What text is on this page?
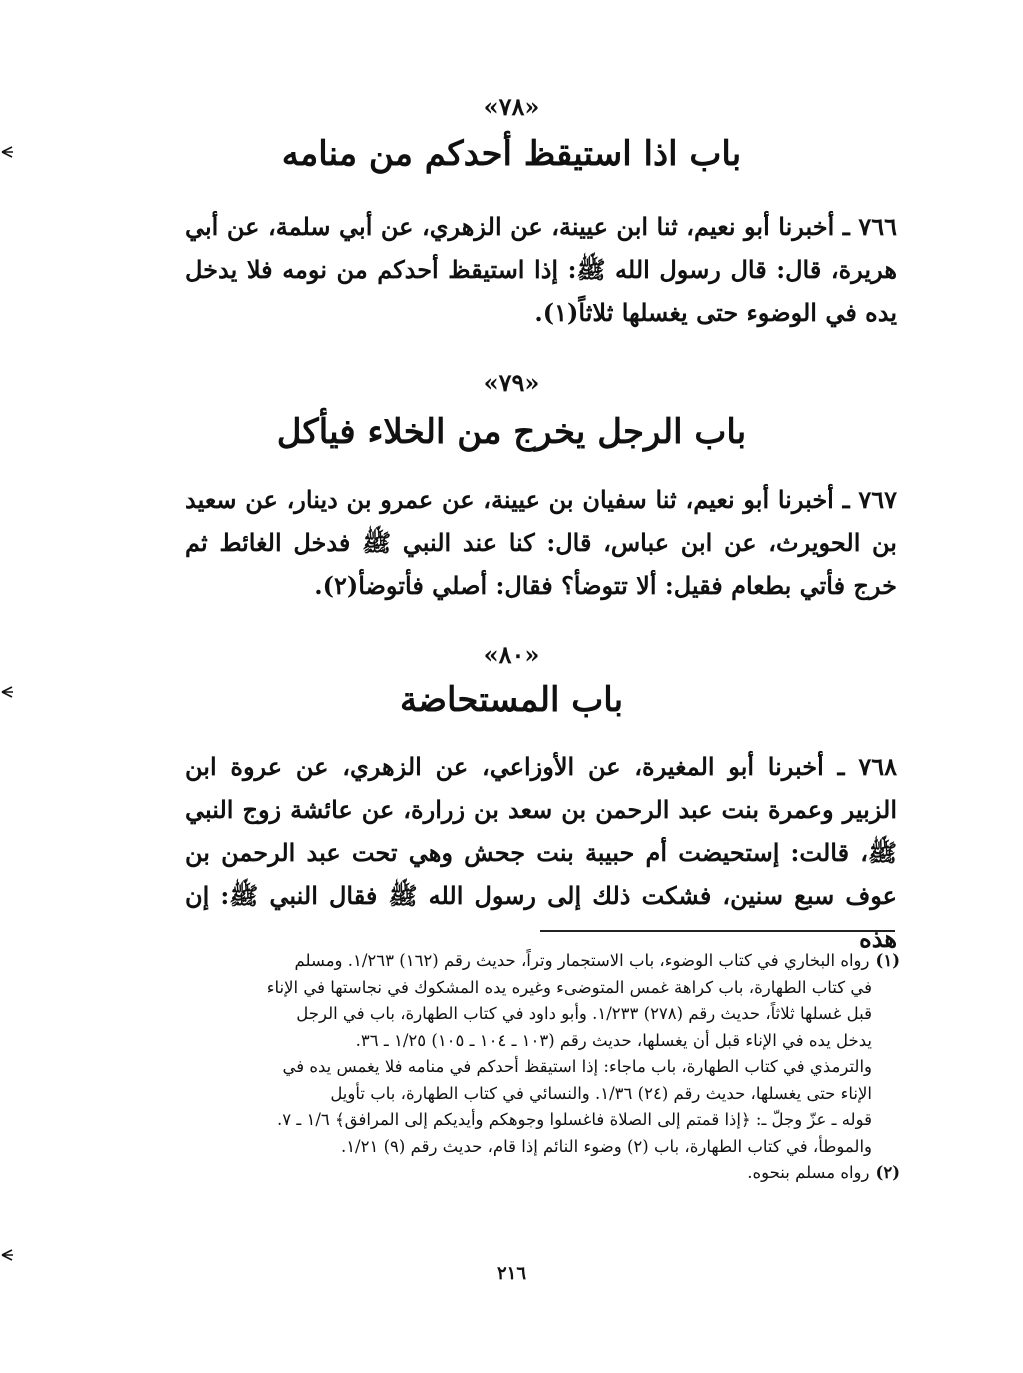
«٧٨»
باب اذا استيقظ أحدكم من منامه
٧٦٦ ـ أخبرنا أبو نعيم، ثنا ابن عيينة، عن الزهري، عن أبي سلمة، عن أبي هريرة، قال: قال رسول الله ﷺ: إذا استيقظ أحدكم من نومه فلا يدخل يده في الوضوء حتى يغسلها ثلاثاً(١).
«٧٩»
باب الرجل يخرج من الخلاء فيأكل
٧٦٧ ـ أخبرنا أبو نعيم، ثنا سفيان بن عيينة، عن عمرو بن دينار، عن سعيد بن الحويرث، عن ابن عباس، قال: كنا عند النبي ﷺ فدخل الغائط ثم خرج فأتي بطعام فقيل: ألا تتوضأ؟ فقال: أصلي فأتوضأ(٢).
«٨٠»
باب المستحاضة
٧٦٨ ـ أخبرنا أبو المغيرة، عن الأوزاعي، عن الزهري، عن عروة ابن الزبير وعمرة بنت عبد الرحمن بن سعد بن زرارة، عن عائشة زوج النبي ﷺ، قالت: إستحيضت أم حبيبة بنت جحش وهي تحت عبد الرحمن بن عوف سبع سنين، فشكت ذلك إلى رسول الله ﷺ فقال النبي ﷺ: إن هذه

(١)رواه البخاري في كتاب الوضوء، باب الاستجمار وتراً، حديث رقم (١٦٢) ١/٢٦٣. ومسلم

في كتاب الطهارة، باب كراهة غمس المتوضىء وغيره يده المشكوك في نجاستها في الإناء

قبل غسلها ثلاثاً، حديث رقم (٢٧٨) ١/٢٣٣. وأبو داود في كتاب الطهارة، باب في الرجل

يدخل يده في الإناء قبل أن يغسلها، حديث رقم (١٠٣ ـ ١٠٤ ـ ١٠٥) ١/٢٥ ـ ٣٦.

والترمذي في كتاب الطهارة، باب ماجاء: إذا استيقظ أحدكم في منامه فلا يغمس يده في

الإناء حتى يغسلها، حديث رقم (٢٤) ١/٣٦. والنسائي في كتاب الطهارة، باب تأويل

قوله ـ عزّ وجلّ ـ: ﴿إذا قمتم إلى الصلاة فاغسلوا وجوهكم وأيديكم إلى المرافق﴾ ١/٦ ـ ٧.

والموطأ، في كتاب الطهارة، باب (٢) وضوء النائم إذا قام، حديث رقم (٩) ١/٢١.

(٢)رواه مسلم بنحوه.

٢١٦
